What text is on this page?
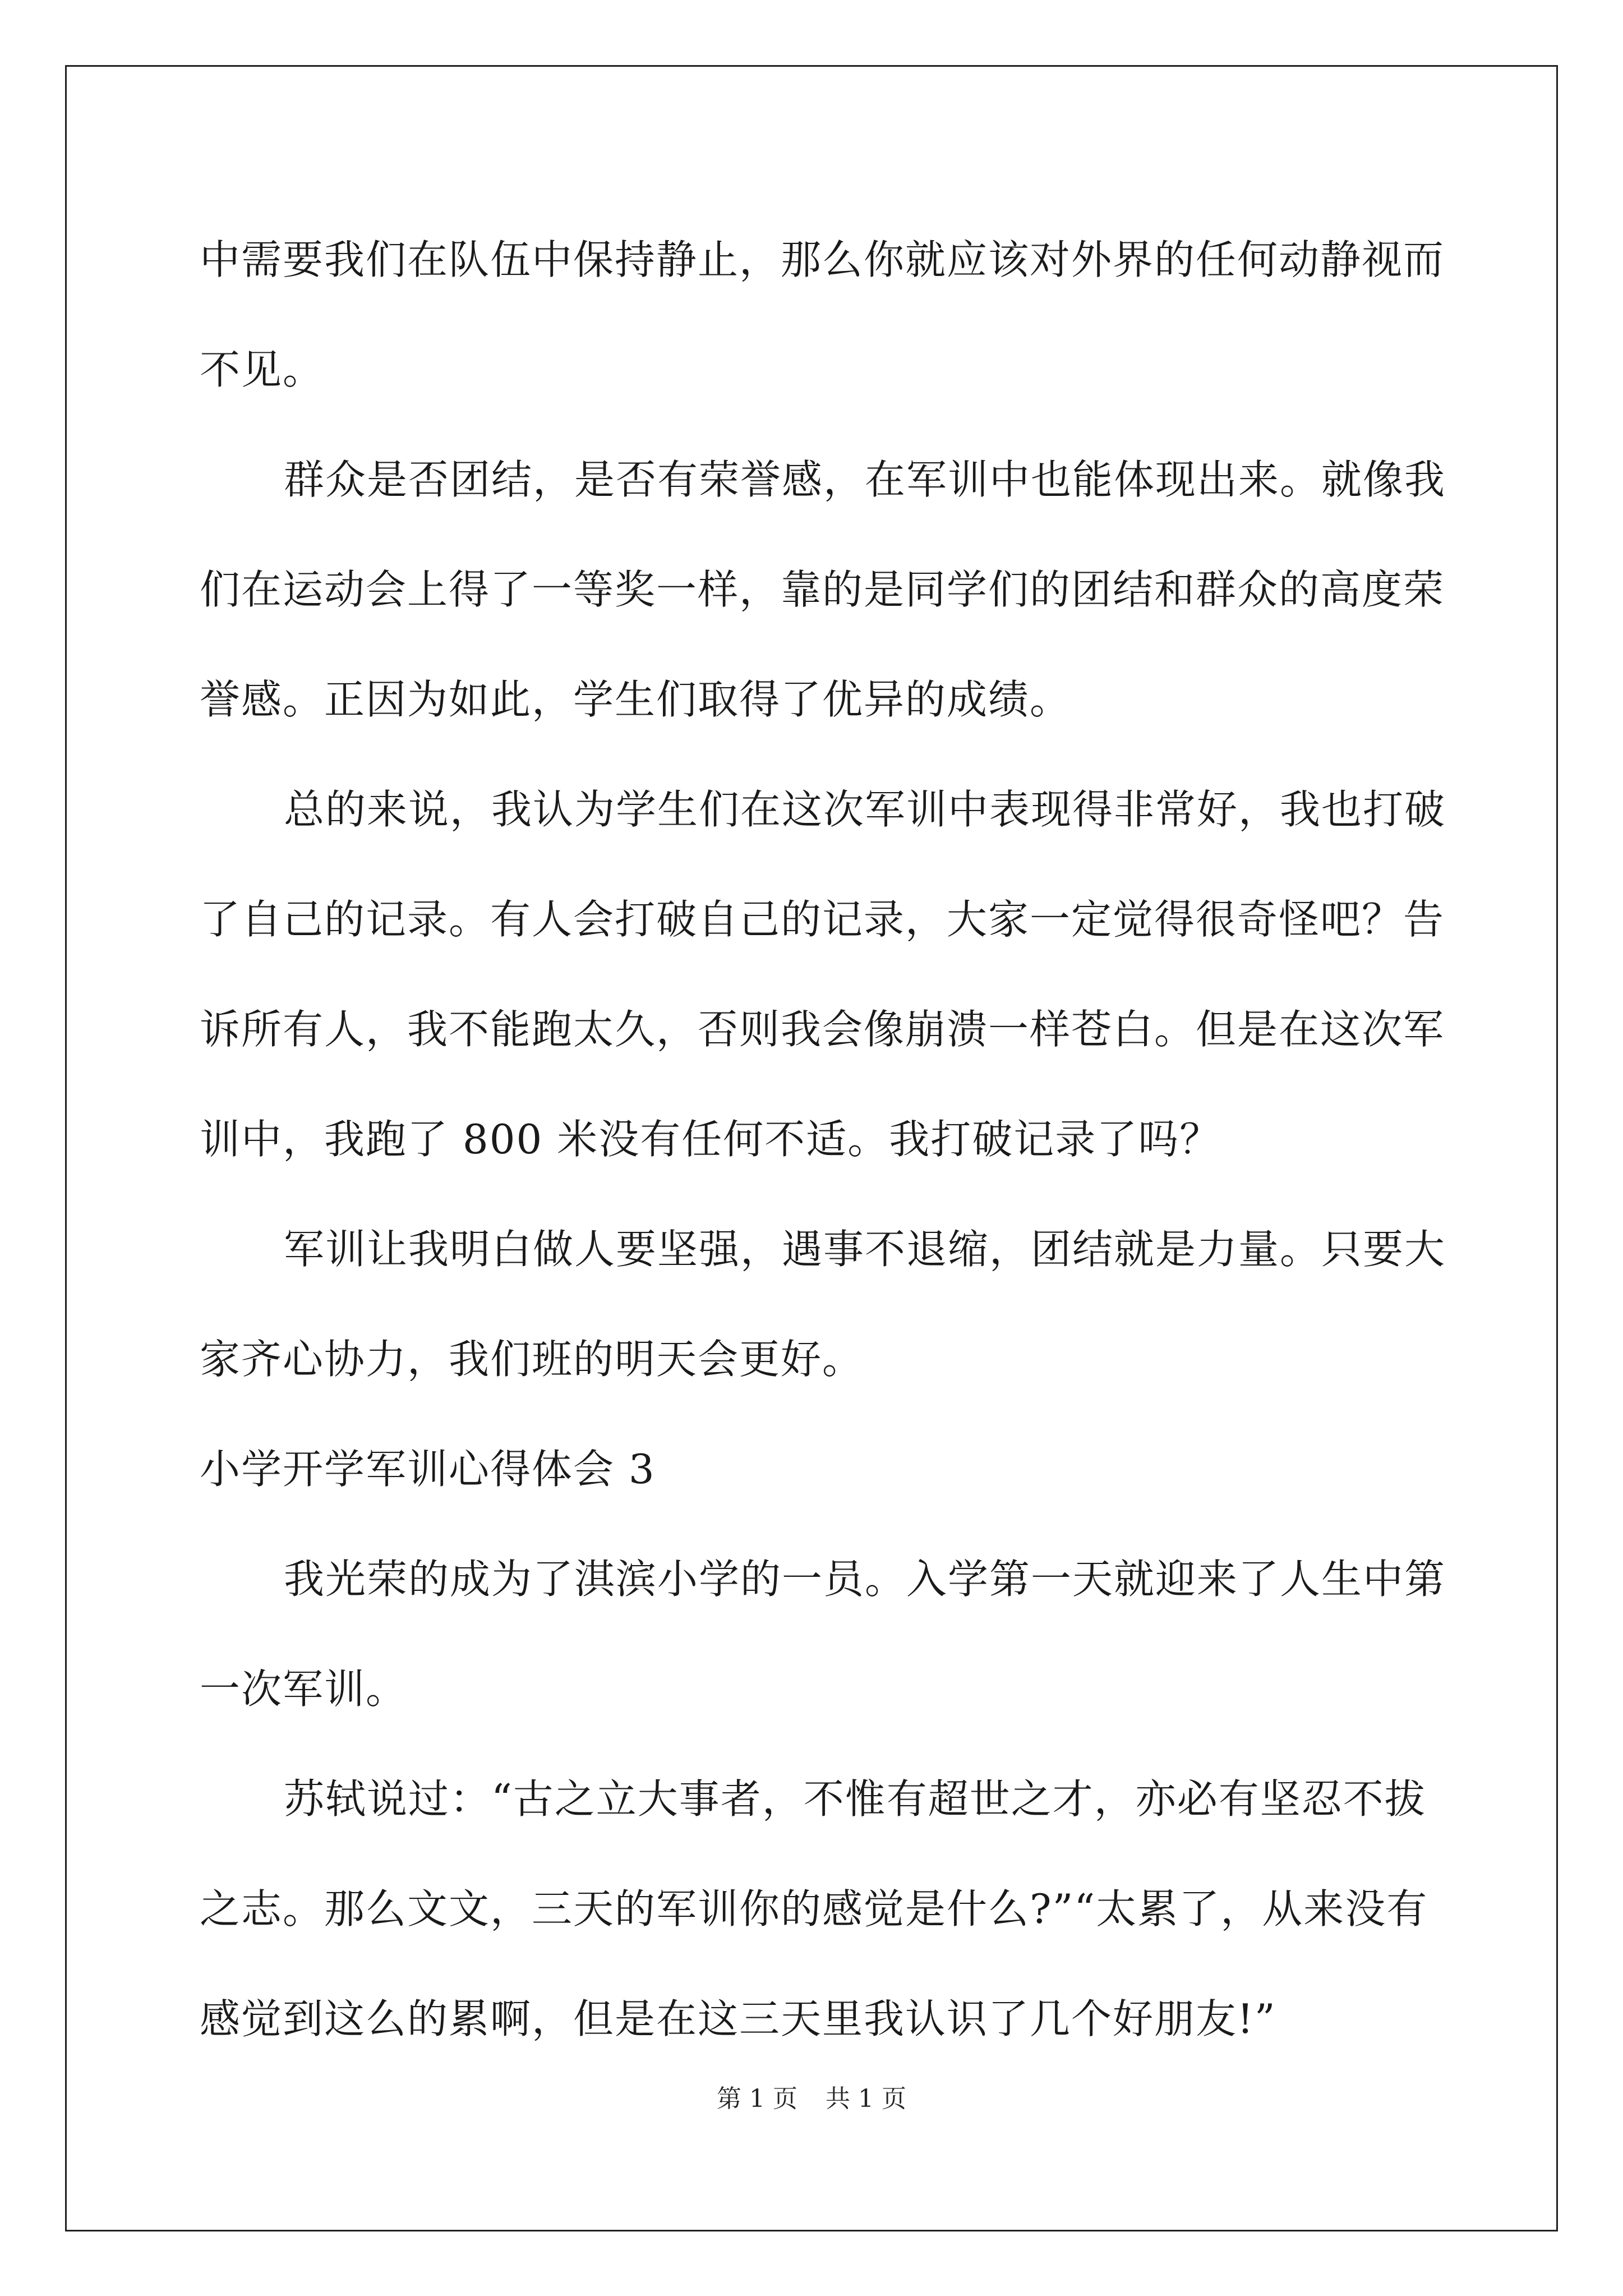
中需要我们在队伍中保持静止，那么你就应该对外界的任何动静视而
不见。
群众是否团结，是否有荣誉感，在军训中也能体现出来。就像我
们在运动会上得了一等奖一样，靠的是同学们的团结和群众的高度荣
誉感。正因为如此，学生们取得了优异的成绩。
总的来说，我认为学生们在这次军训中表现得非常好，我也打破
了自己的记录。有人会打破自己的记录，大家一定觉得很奇怪吧？告
诉所有人，我不能跑太久，否则我会像崩溃一样苍白。但是在这次军
训中，我跑了 800 米没有任何不适。我打破记录了吗？
军训让我明白做人要坚强，遇事不退缩，团结就是力量。只要大
家齐心协力，我们班的明天会更好。
小学开学军训心得体会 3
我光荣的成为了淇滨小学的一员。入学第一天就迎来了人生中第
一次军训。
苏轼说过：“古之立大事者，不惟有超世之才，亦必有坚忍不拔
之志。那么文文，三天的军训你的感觉是什么?”“太累了，从来没有
感觉到这么的累啊，但是在这三天里我认识了几个好朋友!”
第 1 页 共 1 页
